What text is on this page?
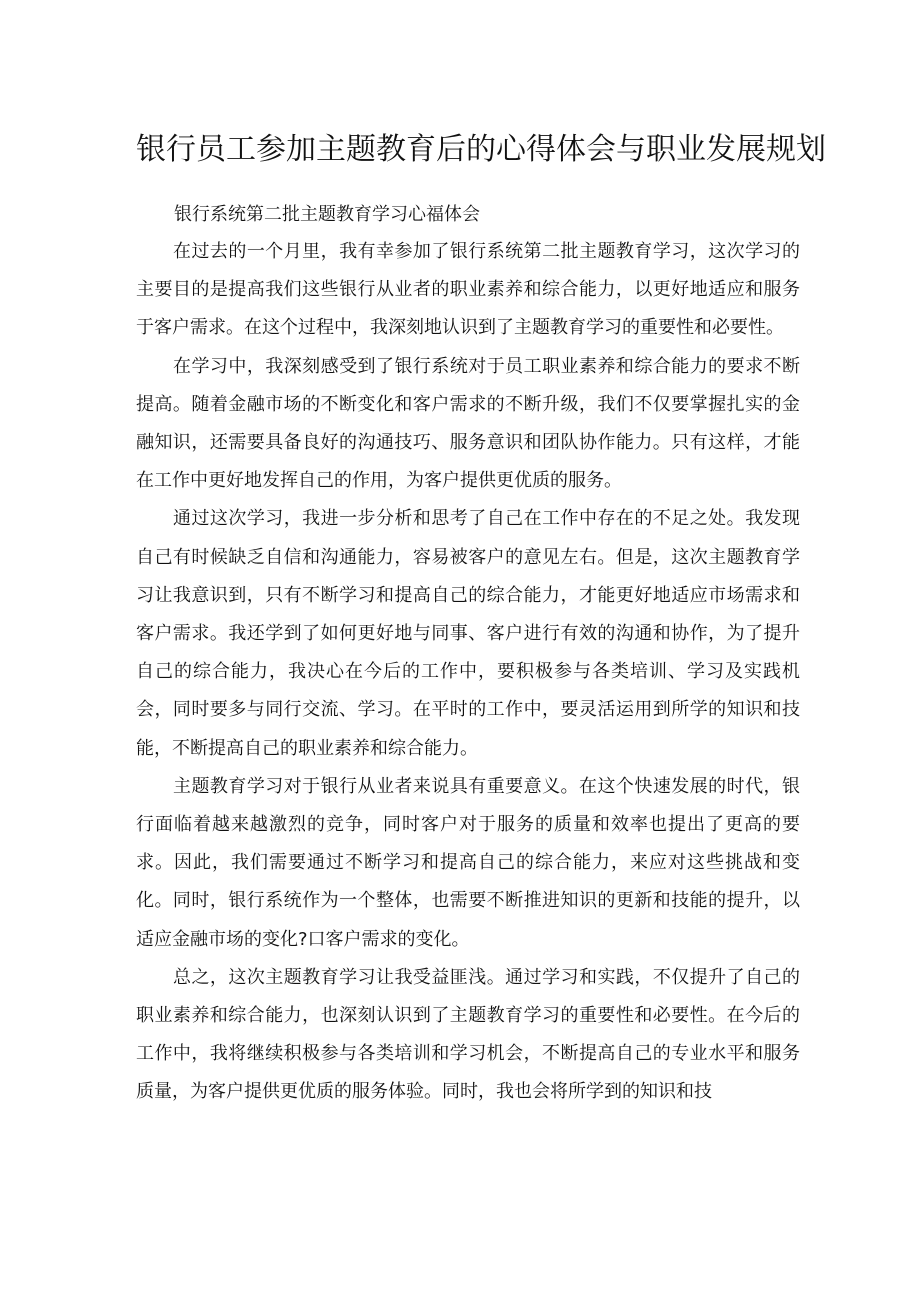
银行员工参加主题教育后的心得体会与职业发展规划

银行系统第二批主题教育学习心福体会

在过去的一个月里，我有幸参加了银行系统第二批主题教育学习，这次学习的主要目的是提高我们这些银行从业者的职业素养和综合能力，以更好地适应和服务于客户需求。在这个过程中，我深刻地认识到了主题教育学习的重要性和必要性。

在学习中，我深刻感受到了银行系统对于员工职业素养和综合能力的要求不断提高。随着金融市场的不断变化和客户需求的不断升级，我们不仅要掌握扎实的金融知识，还需要具备良好的沟通技巧、服务意识和团队协作能力。只有这样，才能在工作中更好地发挥自己的作用，为客户提供更优质的服务。

通过这次学习，我进一步分析和思考了自己在工作中存在的不足之处。我发现自己有时候缺乏自信和沟通能力，容易被客户的意见左右。但是，这次主题教育学习让我意识到，只有不断学习和提高自己的综合能力，才能更好地适应市场需求和客户需求。我还学到了如何更好地与同事、客户进行有效的沟通和协作，为了提升自己的综合能力，我决心在今后的工作中，要积极参与各类培训、学习及实践机会，同时要多与同行交流、学习。在平时的工作中，要灵活运用到所学的知识和技能，不断提高自己的职业素养和综合能力。

主题教育学习对于银行从业者来说具有重要意义。在这个快速发展的时代，银行面临着越来越激烈的竞争，同时客户对于服务的质量和效率也提出了更高的要求。因此，我们需要通过不断学习和提高自己的综合能力，来应对这些挑战和变化。同时，银行系统作为一个整体，也需要不断推进知识的更新和技能的提升，以适应金融市场的变化?口客户需求的变化。

总之，这次主题教育学习让我受益匪浅。通过学习和实践，不仅提升了自己的职业素养和综合能力，也深刻认识到了主题教育学习的重要性和必要性。在今后的工作中，我将继续积极参与各类培训和学习机会，不断提高自己的专业水平和服务质量，为客户提供更优质的服务体验。同时，我也会将所学到的知识和技
